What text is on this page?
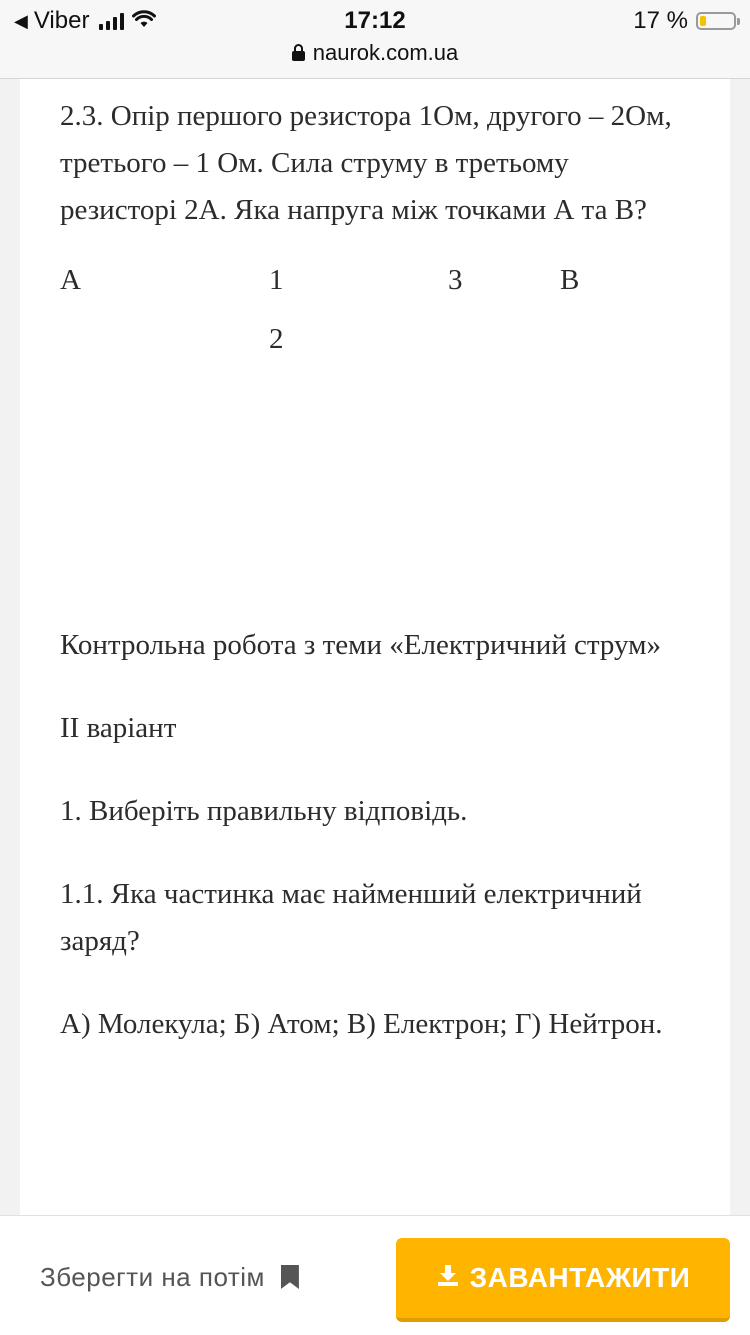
◀ Viber	17:12	17 %
naurok.com.ua

2.3. Опір першого резистора 1Ом, другого – 2Ом, третього – 1 Ом. Сила струму в третьому резисторі 2А. Яка напруга між точками А та В?

А	1	3	В
2

Контрольна робота з теми «Електричний струм»

II варіант

1. Виберіть правильну відповідь.

1.1. Яка частинка має найменший електричний заряд?

А) Молекула; Б) Атом; В) Електрон; Г) Нейтрон.

Зберегти на потім	ЗАВАНТАЖИТИ
